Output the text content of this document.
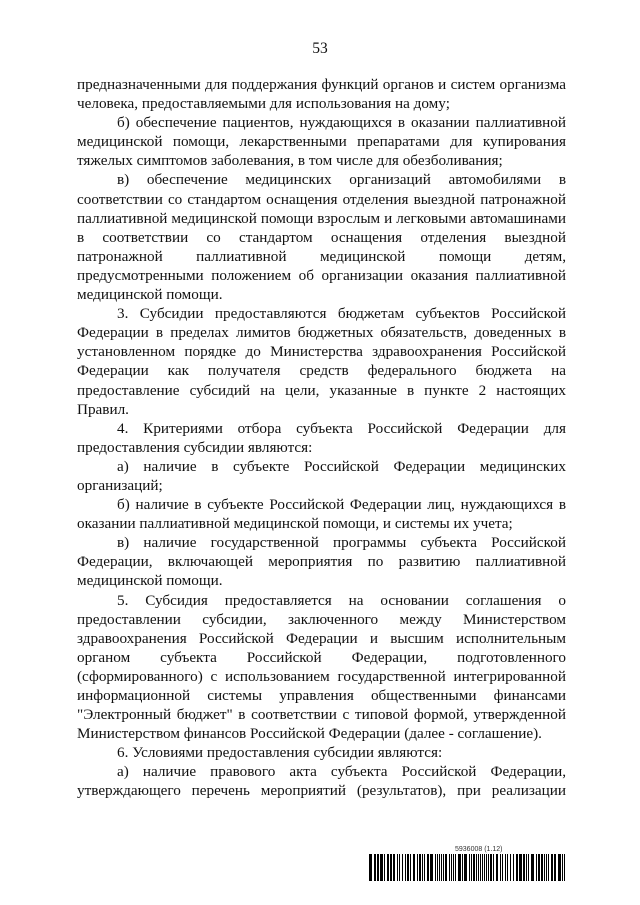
53

предназначенными для поддержания функций органов и систем организма человека, предоставляемыми для использования на дому;

б) обеспечение пациентов, нуждающихся в оказании паллиативной медицинской помощи, лекарственными препаратами для купирования тяжелых симптомов заболевания, в том числе для обезболивания;

в) обеспечение медицинских организаций автомобилями в соответствии со стандартом оснащения отделения выездной патронажной паллиативной медицинской помощи взрослым и легковыми автомашинами в соответствии со стандартом оснащения отделения выездной патронажной паллиативной медицинской помощи детям, предусмотренными положением об организации оказания паллиативной медицинской помощи.

3. Субсидии предоставляются бюджетам субъектов Российской Федерации в пределах лимитов бюджетных обязательств, доведенных в установленном порядке до Министерства здравоохранения Российской Федерации как получателя средств федерального бюджета на предоставление субсидий на цели, указанные в пункте 2 настоящих Правил.

4. Критериями отбора субъекта Российской Федерации для предоставления субсидии являются:

а) наличие в субъекте Российской Федерации медицинских организаций;

б) наличие в субъекте Российской Федерации лиц, нуждающихся в оказании паллиативной медицинской помощи, и системы их учета;

в) наличие государственной программы субъекта Российской Федерации, включающей мероприятия по развитию паллиативной медицинской помощи.

5. Субсидия предоставляется на основании соглашения о предоставлении субсидии, заключенного между Министерством здравоохранения Российской Федерации и высшим исполнительным органом субъекта Российской Федерации, подготовленного (сформированного) с использованием государственной интегрированной информационной системы управления общественными финансами "Электронный бюджет" в соответствии с типовой формой, утвержденной Министерством финансов Российской Федерации (далее - соглашение).

6. Условиями предоставления субсидии являются:

а) наличие правового акта субъекта Российской Федерации, утверждающего перечень мероприятий (результатов), при реализации

5936008 (1.12)
